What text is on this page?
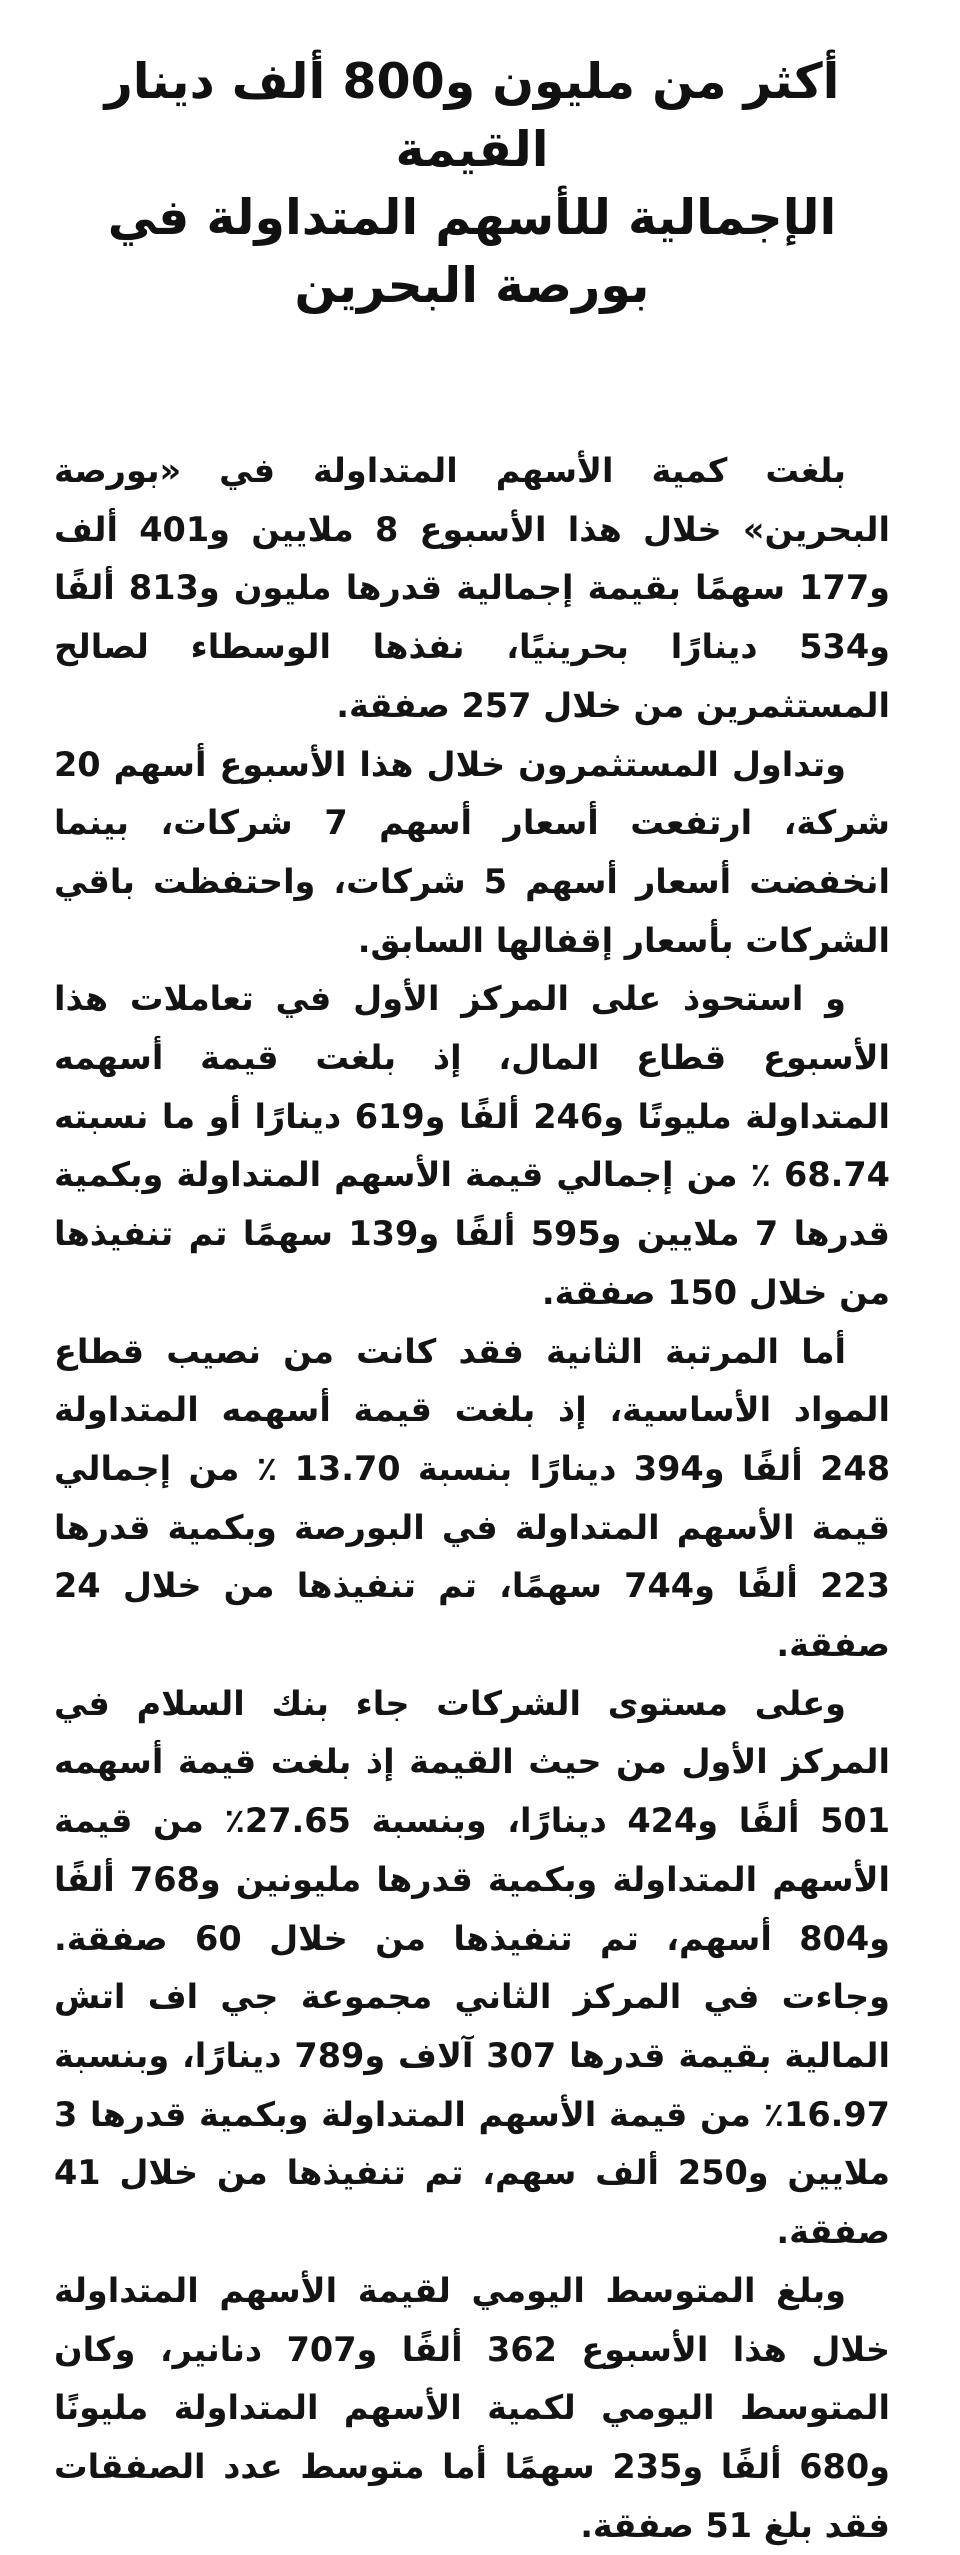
أكثر من مليون و800 ألف دينار القيمة
الإجمالية للأسهم المتداولة في بورصة البحرين

بلغت كمية الأسهم المتداولة في «بورصة البحرين» خلال هذا الأسبوع 8 ملايين و401 ألف و177 سهمًا بقيمة إجمالية قدرها مليون و813 ألفًا و534 دينارًا بحرينيًا، نفذها الوسطاء لصالح المستثمرين من خلال 257 صفقة.

وتداول المستثمرون خلال هذا الأسبوع أسهم 20 شركة، ارتفعت أسعار أسهم 7 شركات، بينما انخفضت أسعار أسهم 5 شركات، واحتفظت باقي الشركات بأسعار إقفالها السابق.

و استحوذ على المركز الأول في تعاملات هذا الأسبوع قطاع المال، إذ بلغت قيمة أسهمه المتداولة مليونًا و246 ألفًا و619 دينارًا أو ما نسبته 68.74 ٪ من إجمالي قيمة الأسهم المتداولة وبكمية قدرها 7 ملايين و595 ألفًا و139 سهمًا تم تنفيذها من خلال 150 صفقة.

أما المرتبة الثانية فقد كانت من نصيب قطاع المواد الأساسية، إذ بلغت قيمة أسهمه المتداولة 248 ألفًا و394 دينارًا بنسبة 13.70 ٪ من إجمالي قيمة الأسهم المتداولة في البورصة وبكمية قدرها 223 ألفًا و744 سهمًا، تم تنفيذها من خلال 24 صفقة.

وعلى مستوى الشركات جاء بنك السلام في المركز الأول من حيث القيمة إذ بلغت قيمة أسهمه 501 ألفًا و424 دينارًا، وبنسبة 27.65٪ من قيمة الأسهم المتداولة وبكمية قدرها مليونين و768 ألفًا و804 أسهم، تم تنفيذها من خلال 60 صفقة. وجاءت في المركز الثاني مجموعة جي اف اتش المالية بقيمة قدرها 307 آلاف و789 دينارًا، وبنسبة 16.97٪ من قيمة الأسهم المتداولة وبكمية قدرها 3 ملايين و250 ألف سهم، تم تنفيذها من خلال 41 صفقة.

وبلغ المتوسط اليومي لقيمة الأسهم المتداولة خلال هذا الأسبوع 362 ألفًا و707 دنانير، وكان المتوسط اليومي لكمية الأسهم المتداولة مليونًا و680 ألفًا و235 سهمًا أما متوسط عدد الصفقات فقد بلغ 51 صفقة.
